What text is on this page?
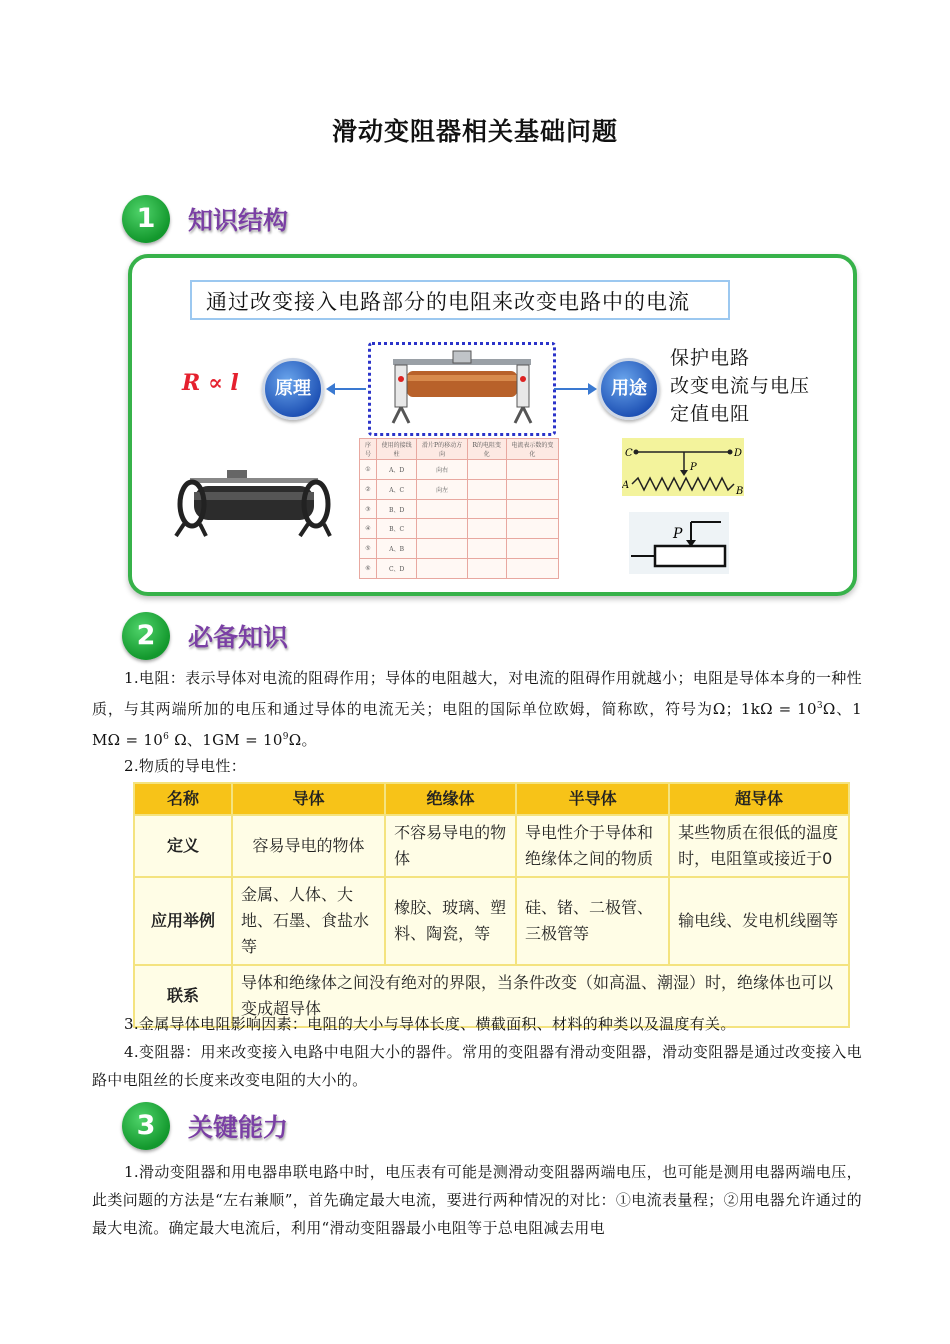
滑动变阻器相关基础问题
1	知识结构
通过改变接入电路部分的电阻来改变电路中的电流
R ∝ l	原理	用途
保护电路
改变电流与电压
定值电阻
序号	使用的接线柱	滑片P的移动方向	R的电阻变化	电流表示数的变化
①	A、D	向右		
②	A、C	向左		
③	B、D			
④	B、C			
⑤	A、B			
⑥	C、D			
C	D
A
B
P
P
2	必备知识
1.电阻：表示导体对电流的阻碍作用；导体的电阻越大，对电流的阻碍作用就越小；电阻是导体本身的一种性质，与其两端所加的电压和通过导体的电流无关；电阻的国际单位欧姆，简称欧，符号为Ω；$1k\Omega = 10^3\Omega$、1 $M\Omega = 10^6$ Ω、$1GM = 10^9\Omega$。
2.物质的导电性：
名称	导体	绝缘体	半导体	超导体
定义	容易导电的物体	不容易导电的物体	导电性介于导体和绝缘体之间的物质	某些物质在很低的温度时，电阻篁或接近于0
应用举例	金属、人体、大地、石墨、食盐水等	橡胶、玻璃、塑料、陶瓷，等	硅、锗、二极管、三极管等	输电线、发电机线圈等
联系	导体和绝缘体之间没有绝对的界限，当条件改变（如高温、潮湿）时，绝缘体也可以变成超导体			
3.金属导体电阻影响因素：电阻的大小与导体长度、横截面积、材料的种类以及温度有关。
4.变阻器：用来改变接入电路中电阻大小的器件。常用的变阻器有滑动变阻器，滑动变阻器是通过改变接入电路中电阻丝的长度来改变电阻的大小的。
3	关键能力
1.滑动变阻器和用电器串联电路中时，电压表有可能是测滑动变阻器两端电压，也可能是测用电器两端电压，此类问题的方法是“左右兼顺”，首先确定最大电流，要进行两种情况的对比：①电流表量程；②用电器允许通过的最大电流。确定最大电流后，利用“滑动变阻器最小电阻等于总电阻减去用电
